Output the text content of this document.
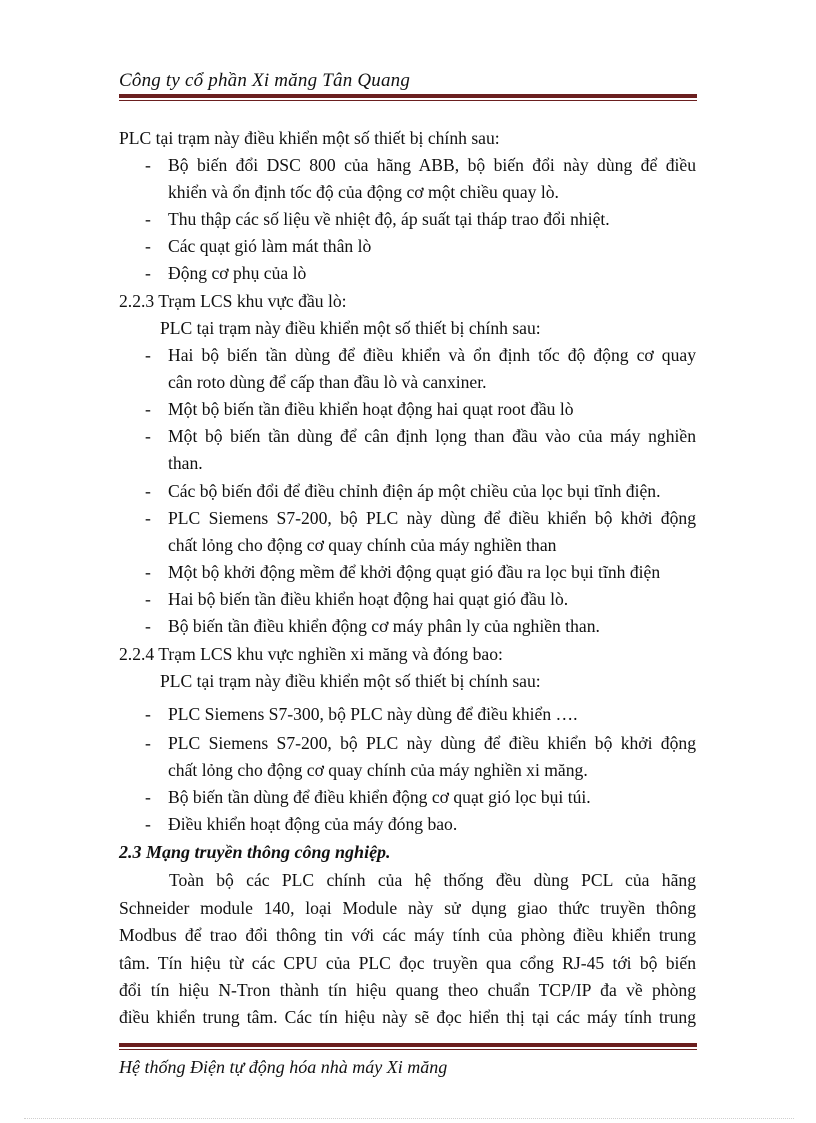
Công ty cổ phần Xi măng Tân Quang
PLC tại trạm này điều khiển một số thiết bị chính sau:
- Bộ biến đổi DSC 800 của hãng ABB, bộ biến đổi này dùng để điều
khiển và ổn định tốc độ của động cơ một chiều quay lò.
- Thu thập các số liệu về nhiệt độ, áp suất tại tháp trao đổi nhiệt.
- Các quạt gió làm mát thân lò
- Động cơ phụ của lò
2.2.3 Trạm LCS khu vực đầu lò:
PLC tại trạm này điều khiển một số thiết bị chính sau:
- Hai bộ biến tần dùng để điều khiển và ổn định tốc độ động cơ quay
cân roto dùng để cấp than đầu lò và canxiner.
- Một bộ biến tần điều khiển hoạt động hai quạt root đầu lò
- Một bộ biến tần dùng để cân định lọng than đầu vào của máy nghiền
than.
- Các bộ biến đổi để điều chỉnh điện áp một chiều của lọc bụi tĩnh điện.
- PLC Siemens S7-200, bộ PLC này dùng để điều khiển bộ khởi động
chất lỏng cho động cơ quay chính của máy nghiền than
- Một bộ khởi động mềm để khởi động quạt gió đầu ra lọc bụi tĩnh điện
- Hai bộ biến tần điều khiển hoạt động hai quạt gió đầu lò.
- Bộ biến tần điều khiển động cơ máy phân ly của nghiền than.
2.2.4 Trạm LCS khu vực nghiền xi măng và đóng bao:
PLC tại trạm này điều khiển một số thiết bị chính sau:
- PLC Siemens S7-300, bộ PLC này dùng để điều khiển ….
- PLC Siemens S7-200, bộ PLC này dùng để điều khiển bộ khởi động
chất lỏng cho động cơ quay chính của máy nghiền xi măng.
- Bộ biến tần dùng để điều khiển động cơ quạt gió lọc bụi túi.
- Điều khiển hoạt động của máy đóng bao.
2.3 Mạng truyền thông công nghiệp.
Toàn bộ các PLC chính của hệ thống đều dùng PCL của hãng
Schneider module 140, loại Module này sử dụng giao thức truyền thông
Modbus để trao đổi thông tin với các máy tính của phòng điều khiển trung
tâm. Tín hiệu từ các CPU của PLC đọc truyền qua cổng RJ-45 tới bộ biến
đổi tín hiệu N-Tron thành tín hiệu quang theo chuẩn TCP/IP đa về phòng
điều khiển trung tâm. Các tín hiệu này sẽ đọc hiển thị tại các máy tính trung
Hệ thống Điện tự động hóa nhà máy Xi măng
